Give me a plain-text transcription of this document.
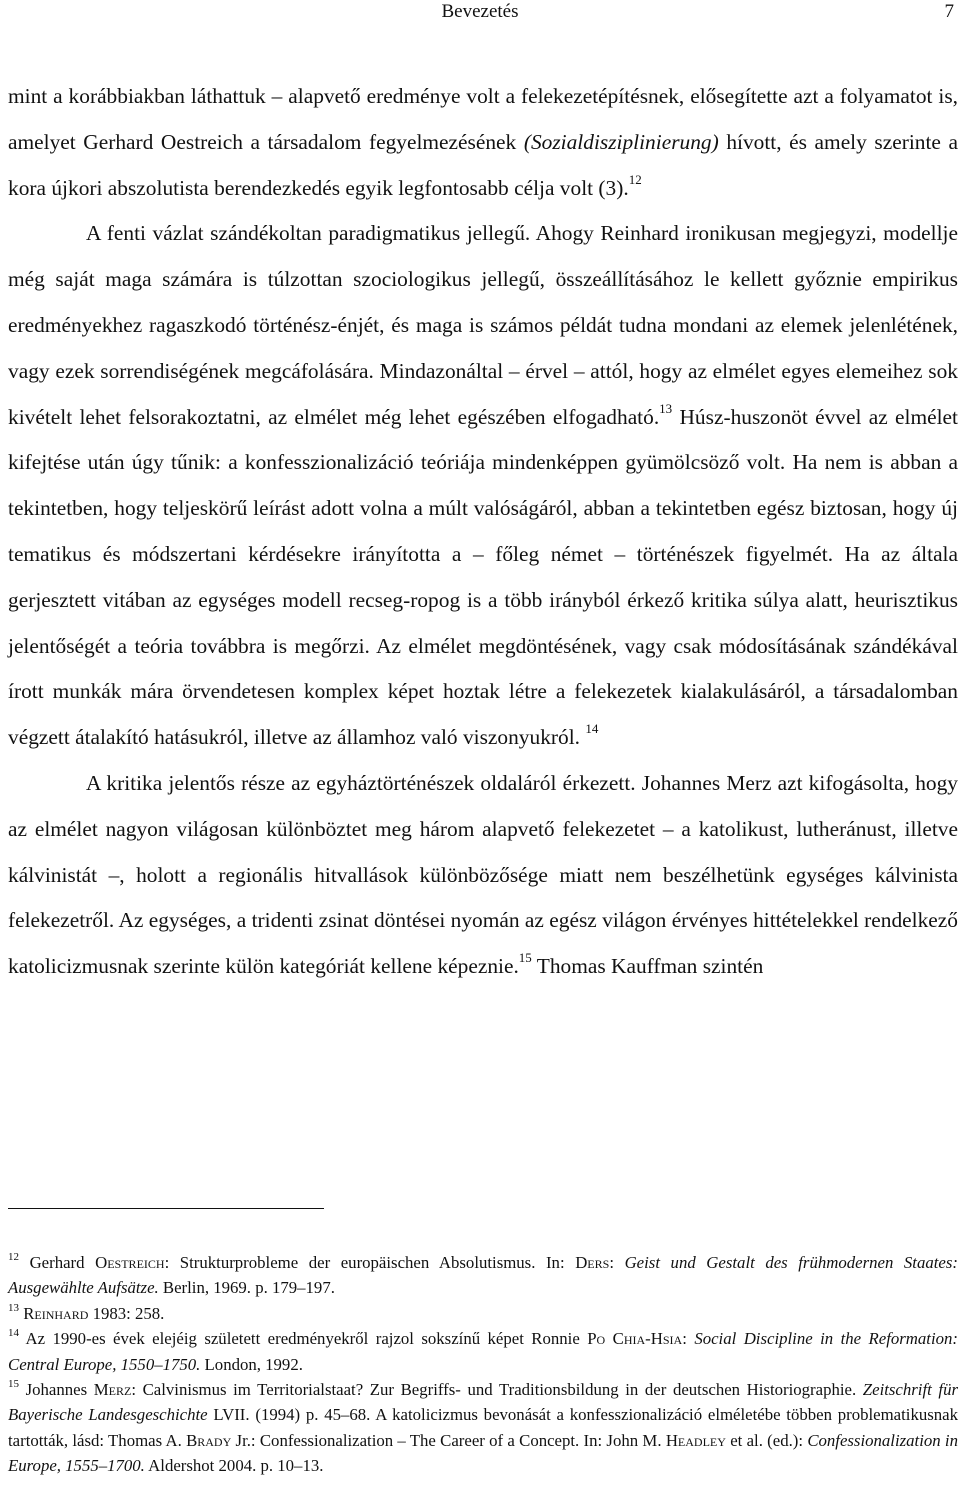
Bevezetés	7

mint a korábbiakban láthattuk – alapvető eredménye volt a felekezetépítésnek, elősegítette azt a folyamatot is, amelyet Gerhard Oestreich a társadalom fegyelmezésének (Sozialdisziplinierung) hívott, és amely szerinte a kora újkori abszolutista berendezkedés egyik legfontosabb célja volt (3).$^{12}$

A fenti vázlat szándékoltan paradigmatikus jellegű. Ahogy Reinhard ironikusan megjegyzi, modellje még saját maga számára is túlzottan szociologikus jellegű, összeállításához le kellett győznie empirikus eredményekhez ragaszkodó történész-énjét, és maga is számos példát tudna mondani az elemek jelenlétének, vagy ezek sorrendiségének megcáfolására. Mindazonáltal – érvel – attól, hogy az elmélet egyes elemeihez sok kivételt lehet felsorakoztatni, az elmélet még lehet egészében elfogadható.$^{13}$ Húsz-huszonöt évvel az elmélet kifejtése után úgy tűnik: a konfesszionalizáció teóriája mindenképpen gyümölcsöző volt. Ha nem is abban a tekintetben, hogy teljeskörű leírást adott volna a múlt valóságáról, abban a tekintetben egész biztosan, hogy új tematikus és módszertani kérdésekre irányította a – főleg német – történészek figyelmét. Ha az általa gerjesztett vitában az egységes modell recseg-ropog is a több irányból érkező kritika súlya alatt, heurisztikus jelentőségét a teória továbbra is megőrzi. Az elmélet megdöntésének, vagy csak módosításának szándékával írott munkák mára örvendetesen komplex képet hoztak létre a felekezetek kialakulásáról, a társadalomban végzett átalakító hatásukról, illetve az államhoz való viszonyukról. $^{14}$

A kritika jelentős része az egyháztörténészek oldaláról érkezett. Johannes Merz azt kifogásolta, hogy az elmélet nagyon világosan különböztet meg három alapvető felekezetet – a katolikust, lutheránust, illetve kálvinistát –, holott a regionális hitvallások különbözősége miatt nem beszélhetünk egységes kálvinista felekezetről. Az egységes, a tridenti zsinat döntései nyomán az egész világon érvényes hittételekkel rendelkező katolicizmusnak szerinte külön kategóriát kellene képeznie.$^{15}$ Thomas Kauffman szintén

$^{12}$ Gerhard Oestreich: Strukturprobleme der europäischen Absolutismus. In: Ders: Geist und Gestalt des frühmodernen Staates: Ausgewählte Aufsätze. Berlin, 1969. p. 179–197.

$^{13}$ Reinhard 1983: 258.

$^{14}$ Az 1990-es évek elejéig született eredményekről rajzol sokszínű képet Ronnie Po Chia-Hsia: Social Discipline in the Reformation: Central Europe, 1550–1750. London, 1992.

$^{15}$ Johannes Merz: Calvinismus im Territorialstaat? Zur Begriffs- und Traditionsbildung in der deutschen Historiographie. Zeitschrift für Bayerische Landesgeschichte LVII. (1994) p. 45–68. A katolicizmus bevonását a konfesszionalizáció elméletébe többen problematikusnak tartották, lásd: Thomas A. Brady Jr.: Confessionalization – The Career of a Concept. In: John M. Headley et al. (ed.): Confessionalization in Europe, 1555–1700. Aldershot 2004. p. 10–13.
